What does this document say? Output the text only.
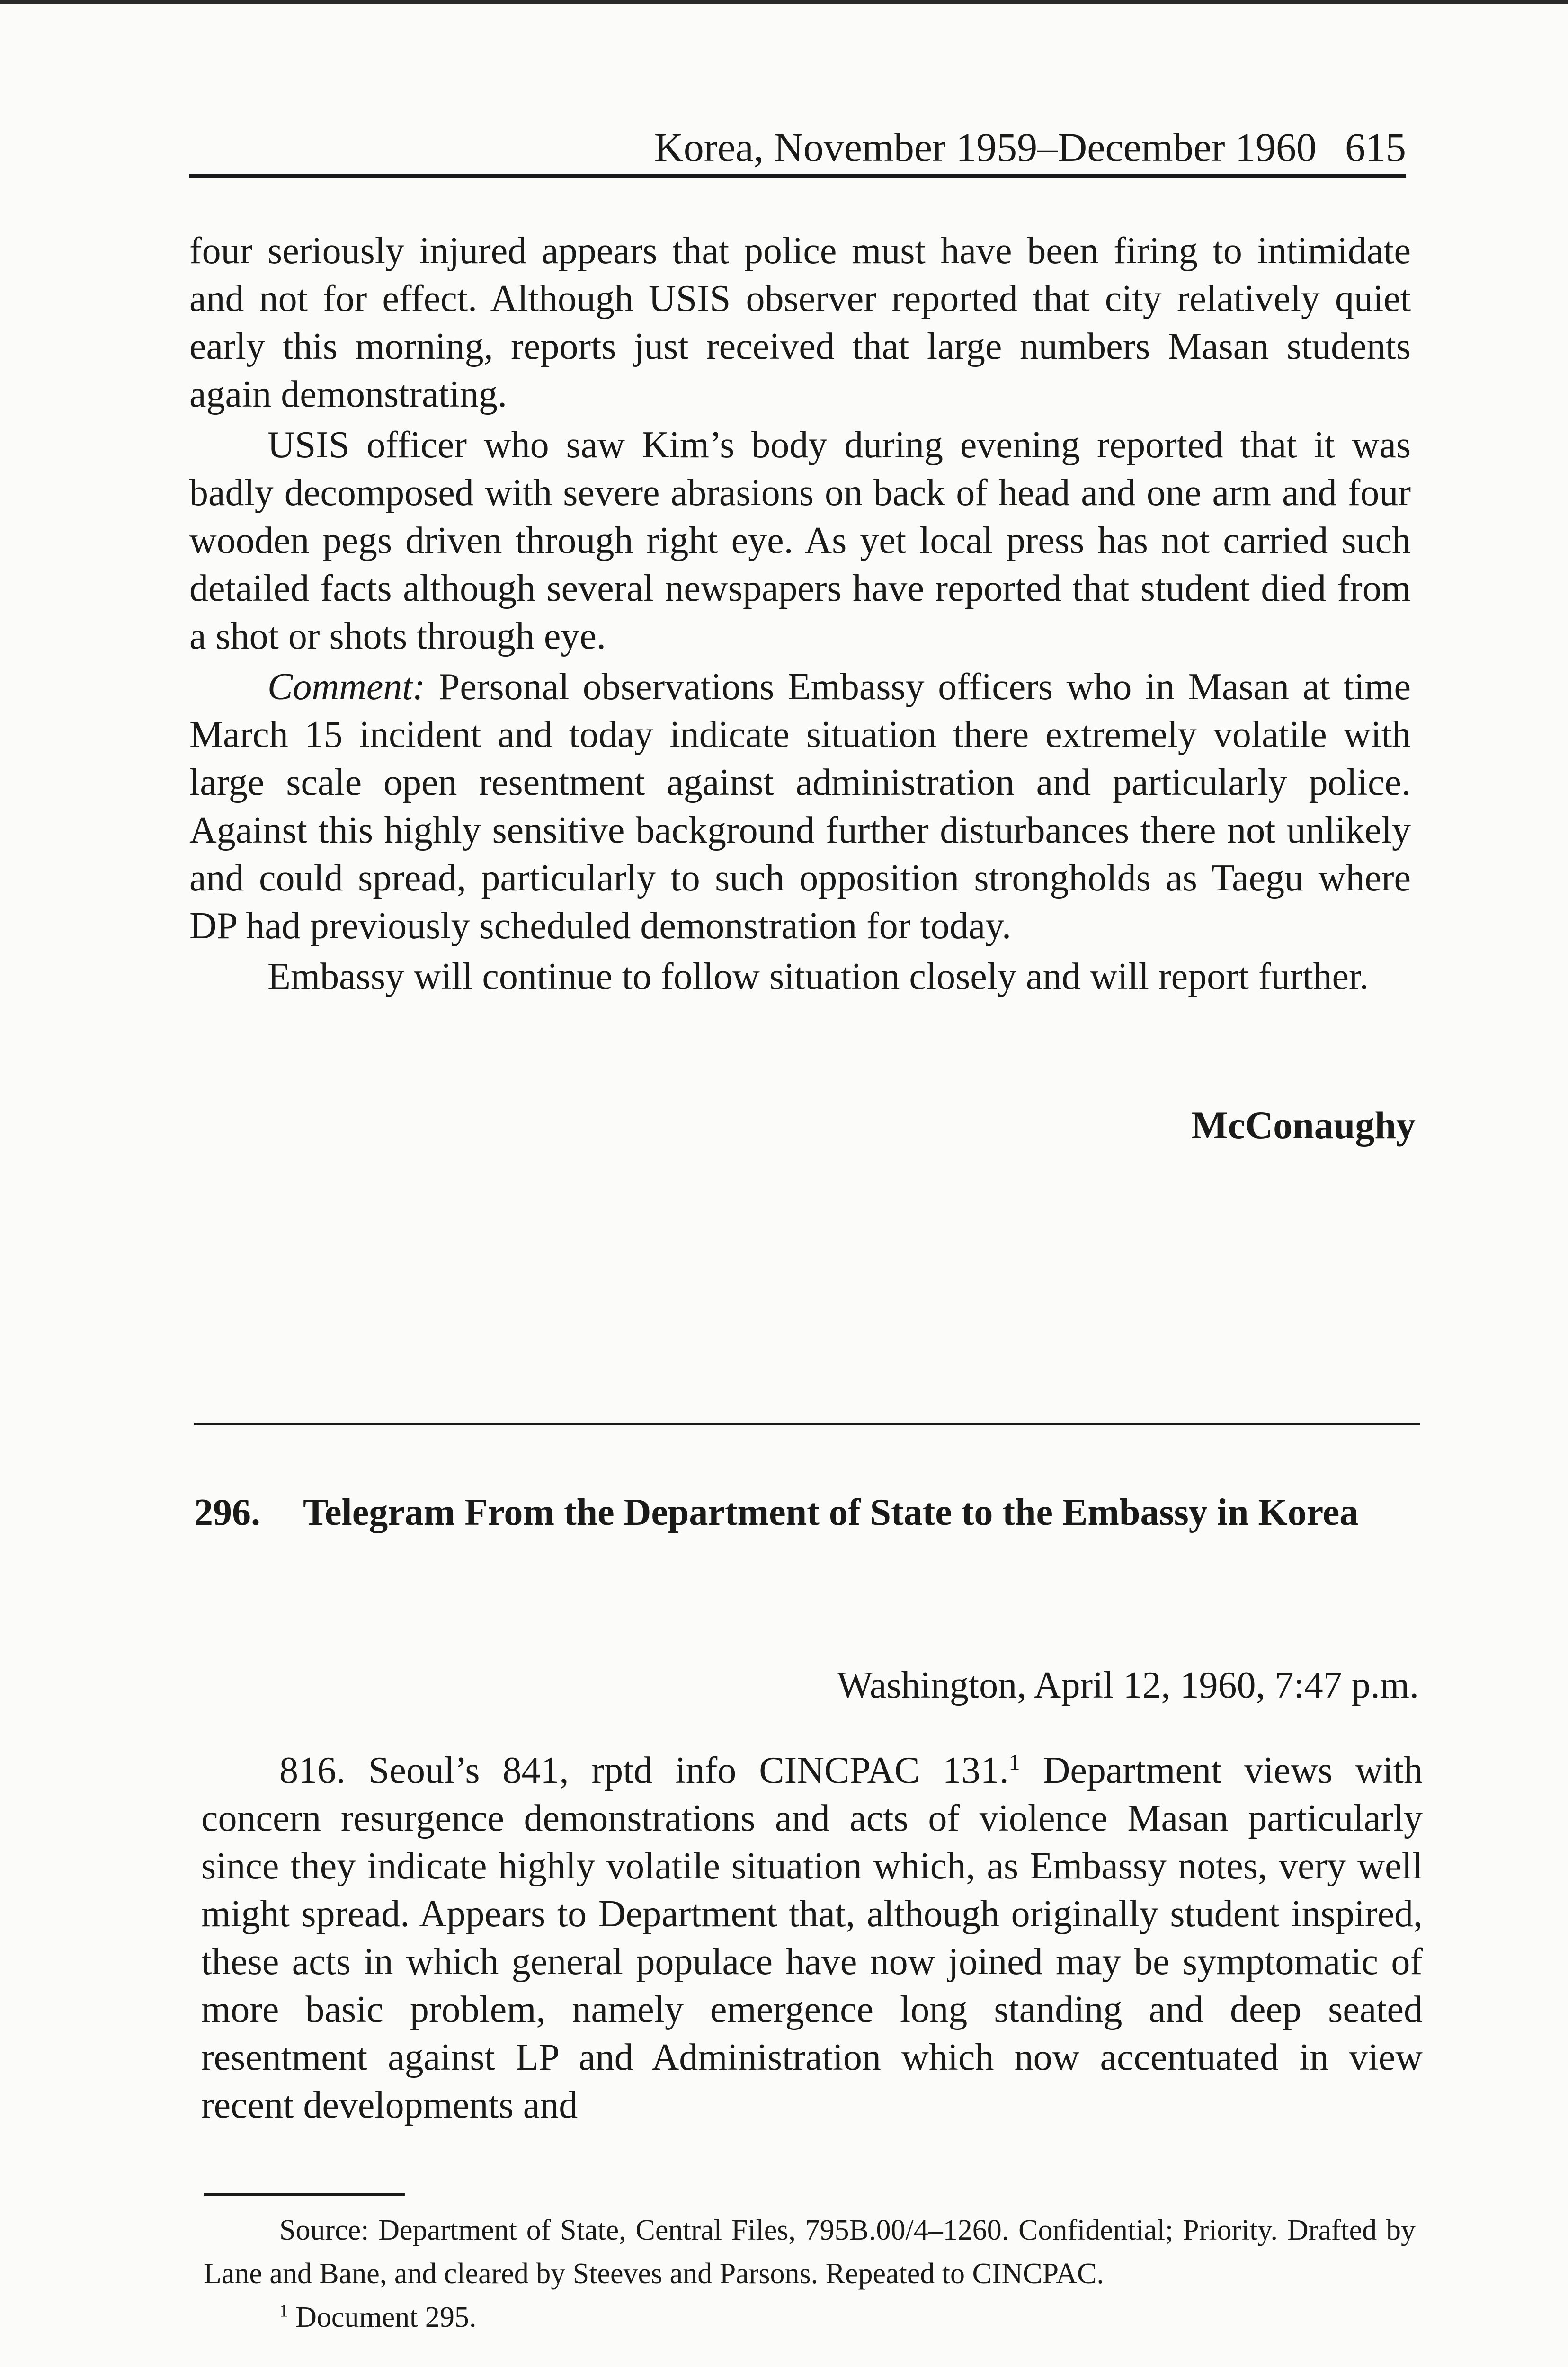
Korea, November 1959–December 1960 615

four seriously injured appears that police must have been firing to intimidate and not for effect. Although USIS observer reported that city relatively quiet early this morning, reports just received that large numbers Masan students again demonstrating.

USIS officer who saw Kim’s body during evening reported that it was badly decomposed with severe abrasions on back of head and one arm and four wooden pegs driven through right eye. As yet local press has not carried such detailed facts although several newspapers have reported that student died from a shot or shots through eye.

Comment: Personal observations Embassy officers who in Masan at time March 15 incident and today indicate situation there extremely volatile with large scale open resentment against administration and particularly police. Against this highly sensitive background further disturbances there not unlikely and could spread, particularly to such opposition strongholds as Taegu where DP had previously scheduled demonstration for today.

Embassy will continue to follow situation closely and will report further.

McConaughy
296. Telegram From the Department of State to the Embassy in Korea
Washington, April 12, 1960, 7:47 p.m.

816. Seoul’s 841, rptd info CINCPAC 131.$^1$ Department views with concern resurgence demonstrations and acts of violence Masan particularly since they indicate highly volatile situation which, as Embassy notes, very well might spread. Appears to Department that, although originally student inspired, these acts in which general populace have now joined may be symptomatic of more basic problem, namely emergence long standing and deep seated resentment against LP and Administration which now accentuated in view recent developments and

Source: Department of State, Central Files, 795B.00/4–1260. Confidential; Priority. Drafted by Lane and Bane, and cleared by Steeves and Parsons. Repeated to CINCPAC.

$^1$ Document 295.
